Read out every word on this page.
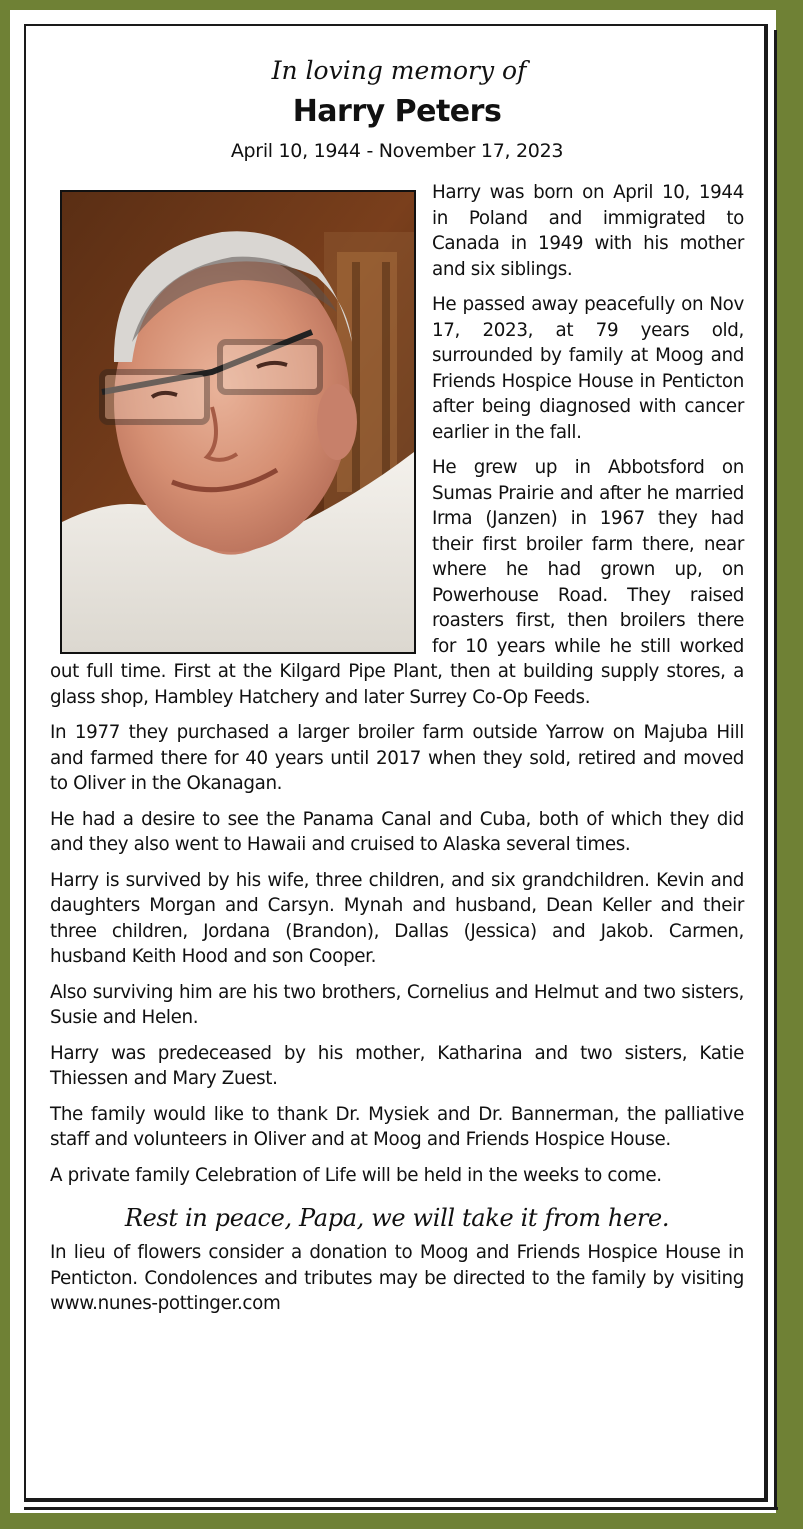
In loving memory of
Harry Peters
April 10, 1944 - November 17, 2023

Harry was born on April 10, 1944 in Poland and immigrated to Canada in 1949 with his mother and six siblings.

He passed away peacefully on Nov 17, 2023, at 79 years old, surrounded by family at Moog and Friends Hospice House in Penticton after being diagnosed with cancer earlier in the fall.

He grew up in Abbotsford on Sumas Prairie and after he married Irma (Janzen) in 1967 they had their first broiler farm there, near where he had grown up, on Powerhouse Road. They raised roasters first, then broilers there for 10 years while he still worked out full time. First at the Kilgard Pipe Plant, then at building supply stores, a glass shop, Hambley Hatchery and later Surrey Co-Op Feeds.

In 1977 they purchased a larger broiler farm outside Yarrow on Majuba Hill and farmed there for 40 years until 2017 when they sold, retired and moved to Oliver in the Okanagan.

He had a desire to see the Panama Canal and Cuba, both of which they did and they also went to Hawaii and cruised to Alaska several times.

Harry is survived by his wife, three children, and six grandchildren. Kevin and daughters Morgan and Carsyn. Mynah and husband, Dean Keller and their three children, Jordana (Brandon), Dallas (Jessica) and Jakob. Carmen, husband Keith Hood and son Cooper.

Also surviving him are his two brothers, Cornelius and Helmut and two sisters, Susie and Helen.

Harry was predeceased by his mother, Katharina and two sisters, Katie Thiessen and Mary Zuest.

The family would like to thank Dr. Mysiek and Dr. Bannerman, the palliative staff and volunteers in Oliver and at Moog and Friends Hospice House.

A private family Celebration of Life will be held in the weeks to come.

Rest in peace, Papa, we will take it from here.

In lieu of flowers consider a donation to Moog and Friends Hospice House in Penticton. Condolences and tributes may be directed to the family by visiting www.nunes-pottinger.com
